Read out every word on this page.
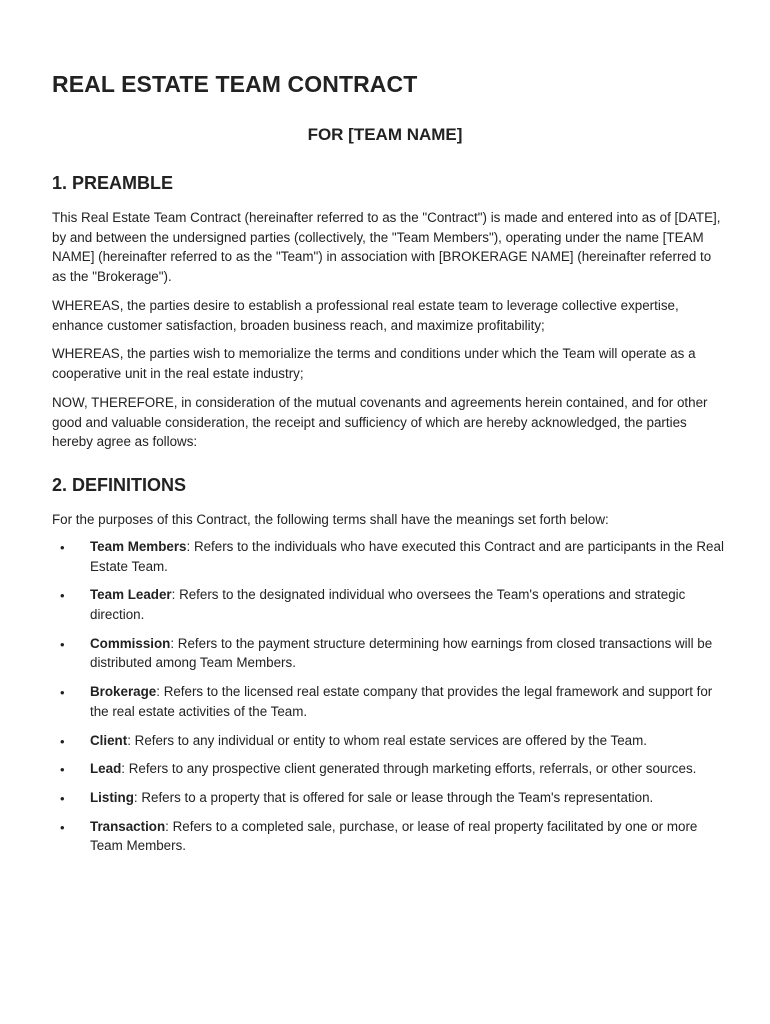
REAL ESTATE TEAM CONTRACT
FOR [TEAM NAME]
1. PREAMBLE

This Real Estate Team Contract (hereinafter referred to as the "Contract") is made and entered into as of [DATE], by and between the undersigned parties (collectively, the "Team Members"), operating under the name [TEAM NAME] (hereinafter referred to as the "Team") in association with [BROKERAGE NAME] (hereinafter referred to as the "Brokerage").

WHEREAS, the parties desire to establish a professional real estate team to leverage collective expertise, enhance customer satisfaction, broaden business reach, and maximize profitability;

WHEREAS, the parties wish to memorialize the terms and conditions under which the Team will operate as a cooperative unit in the real estate industry;

NOW, THEREFORE, in consideration of the mutual covenants and agreements herein contained, and for other good and valuable consideration, the receipt and sufficiency of which are hereby acknowledged, the parties hereby agree as follows:

2. DEFINITIONS

For the purposes of this Contract, the following terms shall have the meanings set forth below:

• Team Members: Refers to the individuals who have executed this Contract and are participants in the Real Estate Team.
• Team Leader: Refers to the designated individual who oversees the Team's operations and strategic direction.
• Commission: Refers to the payment structure determining how earnings from closed transactions will be distributed among Team Members.
• Brokerage: Refers to the licensed real estate company that provides the legal framework and support for the real estate activities of the Team.
• Client: Refers to any individual or entity to whom real estate services are offered by the Team.
• Lead: Refers to any prospective client generated through marketing efforts, referrals, or other sources.
• Listing: Refers to a property that is offered for sale or lease through the Team's representation.
• Transaction: Refers to a completed sale, purchase, or lease of real property facilitated by one or more Team Members.
